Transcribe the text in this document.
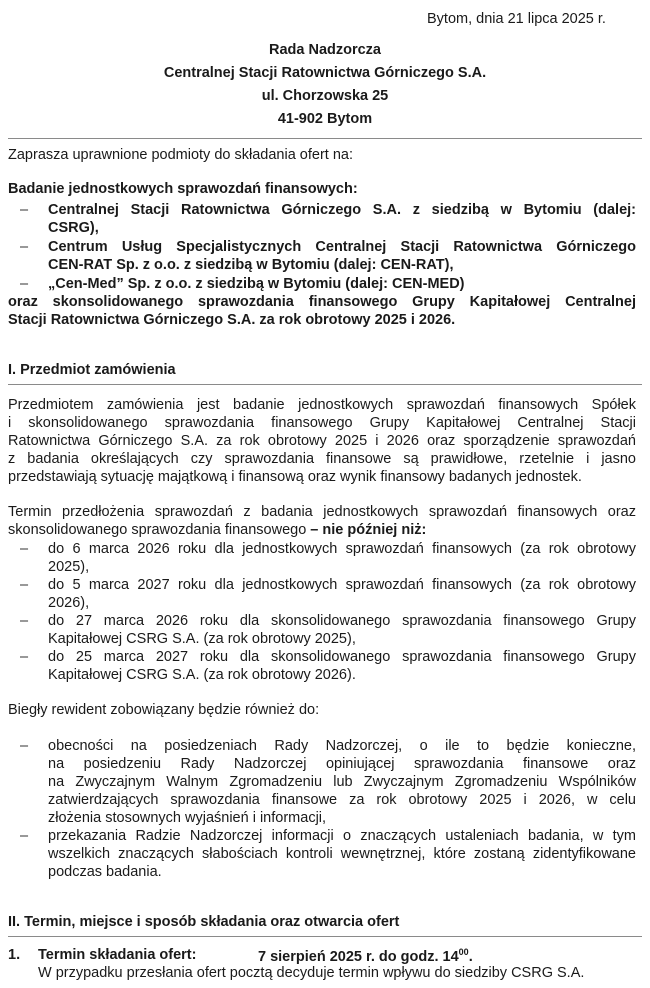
Bytom, dnia 21 lipca 2025 r.
Rada Nadzorcza
Centralnej Stacji Ratownictwa Górniczego S.A.
ul. Chorzowska 25
41-902 Bytom
Zaprasza uprawnione podmioty do składania ofert na:
Badanie jednostkowych sprawozdań finansowych:
– Centralnej Stacji Ratownictwa Górniczego S.A. z siedzibą w Bytomiu (dalej:
CSRG),
– Centrum Usług Specjalistycznych Centralnej Stacji Ratownictwa Górniczego
CEN-RAT Sp. z o.o. z siedzibą w Bytomiu (dalej: CEN-RAT),
– „Cen-Med” Sp. z o.o. z siedzibą w Bytomiu (dalej: CEN-MED)
oraz skonsolidowanego sprawozdania finansowego Grupy Kapitałowej Centralnej
Stacji Ratownictwa Górniczego S.A. za rok obrotowy 2025 i 2026.
I. Przedmiot zamówienia
Przedmiotem zamówienia jest badanie jednostkowych sprawozdań finansowych Spółek
i skonsolidowanego sprawozdania finansowego Grupy Kapitałowej Centralnej Stacji
Ratownictwa Górniczego S.A. za rok obrotowy 2025 i 2026 oraz sporządzenie sprawozdań
z badania określających czy sprawozdania finansowe są prawidłowe, rzetelnie i jasno
przedstawiają sytuację majątkową i finansową oraz wynik finansowy badanych jednostek.
Termin przedłożenia sprawozdań z badania jednostkowych sprawozdań finansowych oraz
skonsolidowanego sprawozdania finansowego – nie później niż:
– do 6 marca 2026 roku dla jednostkowych sprawozdań finansowych (za rok obrotowy
2025),
– do 5 marca 2027 roku dla jednostkowych sprawozdań finansowych (za rok obrotowy
2026),
– do 27 marca 2026 roku dla skonsolidowanego sprawozdania finansowego Grupy
Kapitałowej CSRG S.A. (za rok obrotowy 2025),
– do 25 marca 2027 roku dla skonsolidowanego sprawozdania finansowego Grupy
Kapitałowej CSRG S.A. (za rok obrotowy 2026).
Biegły rewident zobowiązany będzie również do:
– obecności na posiedzeniach Rady Nadzorczej, o ile to będzie konieczne,
na posiedzeniu Rady Nadzorczej opiniującej sprawozdania finansowe oraz
na Zwyczajnym Walnym Zgromadzeniu lub Zwyczajnym Zgromadzeniu Wspólników
zatwierdzających sprawozdania finansowe za rok obrotowy 2025 i 2026, w celu
złożenia stosownych wyjaśnień i informacji,
– przekazania Radzie Nadzorczej informacji o znaczących ustaleniach badania, w tym
wszelkich znaczących słabościach kontroli wewnętrznej, które zostaną zidentyfikowane
podczas badania.
II. Termin, miejsce i sposób składania oraz otwarcia ofert
1. Termin składania ofert:	7 sierpień 2025 r. do godz. $14^{00}$.
W przypadku przesłania ofert pocztą decyduje termin wpływu do siedziby CSRG S.A.
